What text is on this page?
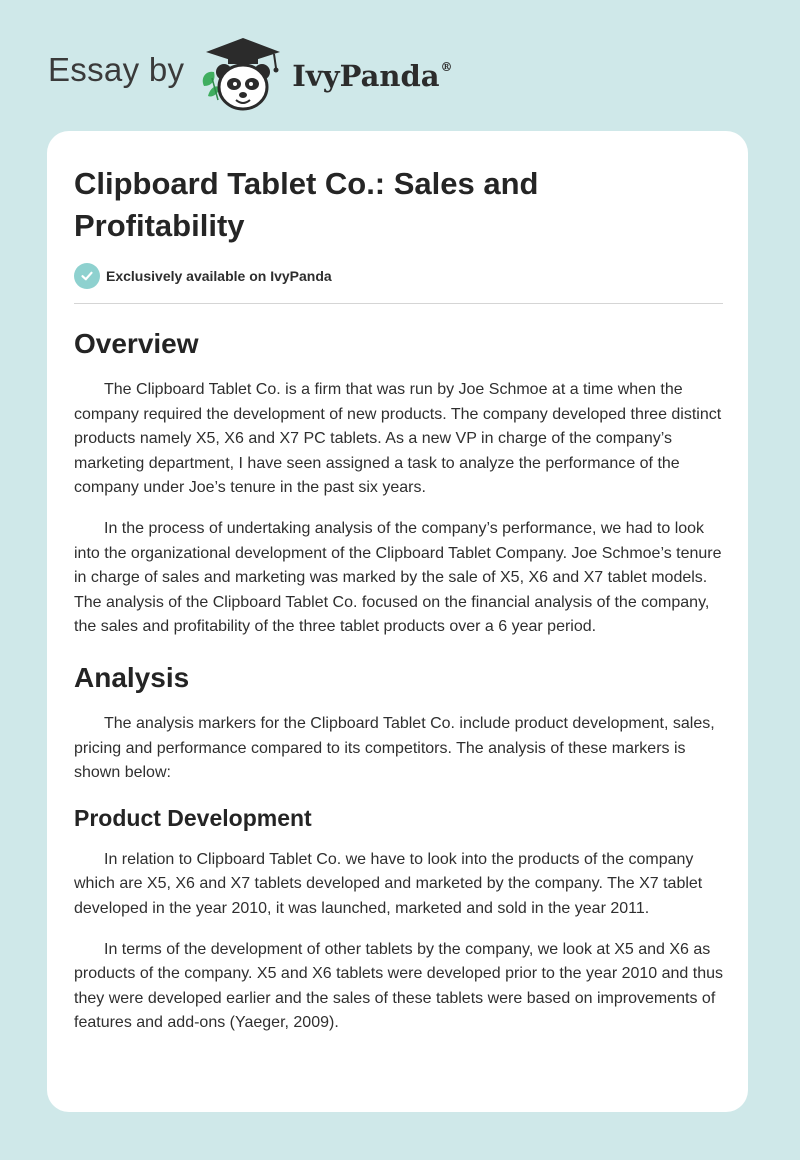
Essay by	IvyPanda®
Clipboard Tablet Co.: Sales and Profitability
Exclusively available on IvyPanda
Overview

The Clipboard Tablet Co. is a firm that was run by Joe Schmoe at a time when the company required the development of new products. The company developed three distinct products namely X5, X6 and X7 PC tablets. As a new VP in charge of the company’s marketing department, I have seen assigned a task to analyze the performance of the company under Joe’s tenure in the past six years.

In the process of undertaking analysis of the company’s performance, we had to look into the organizational development of the Clipboard Tablet Company. Joe Schmoe’s tenure in charge of sales and marketing was marked by the sale of X5, X6 and X7 tablet models. The analysis of the Clipboard Tablet Co. focused on the financial analysis of the company, the sales and profitability of the three tablet products over a 6 year period.

Analysis

The analysis markers for the Clipboard Tablet Co. include product development, sales, pricing and performance compared to its competitors. The analysis of these markers is shown below:

Product Development

In relation to Clipboard Tablet Co. we have to look into the products of the company which are X5, X6 and X7 tablets developed and marketed by the company. The X7 tablet developed in the year 2010, it was launched, marketed and sold in the year 2011.

In terms of the development of other tablets by the company, we look at X5 and X6 as products of the company. X5 and X6 tablets were developed prior to the year 2010 and thus they were developed earlier and the sales of these tablets were based on improvements of features and add-ons (Yaeger, 2009).
